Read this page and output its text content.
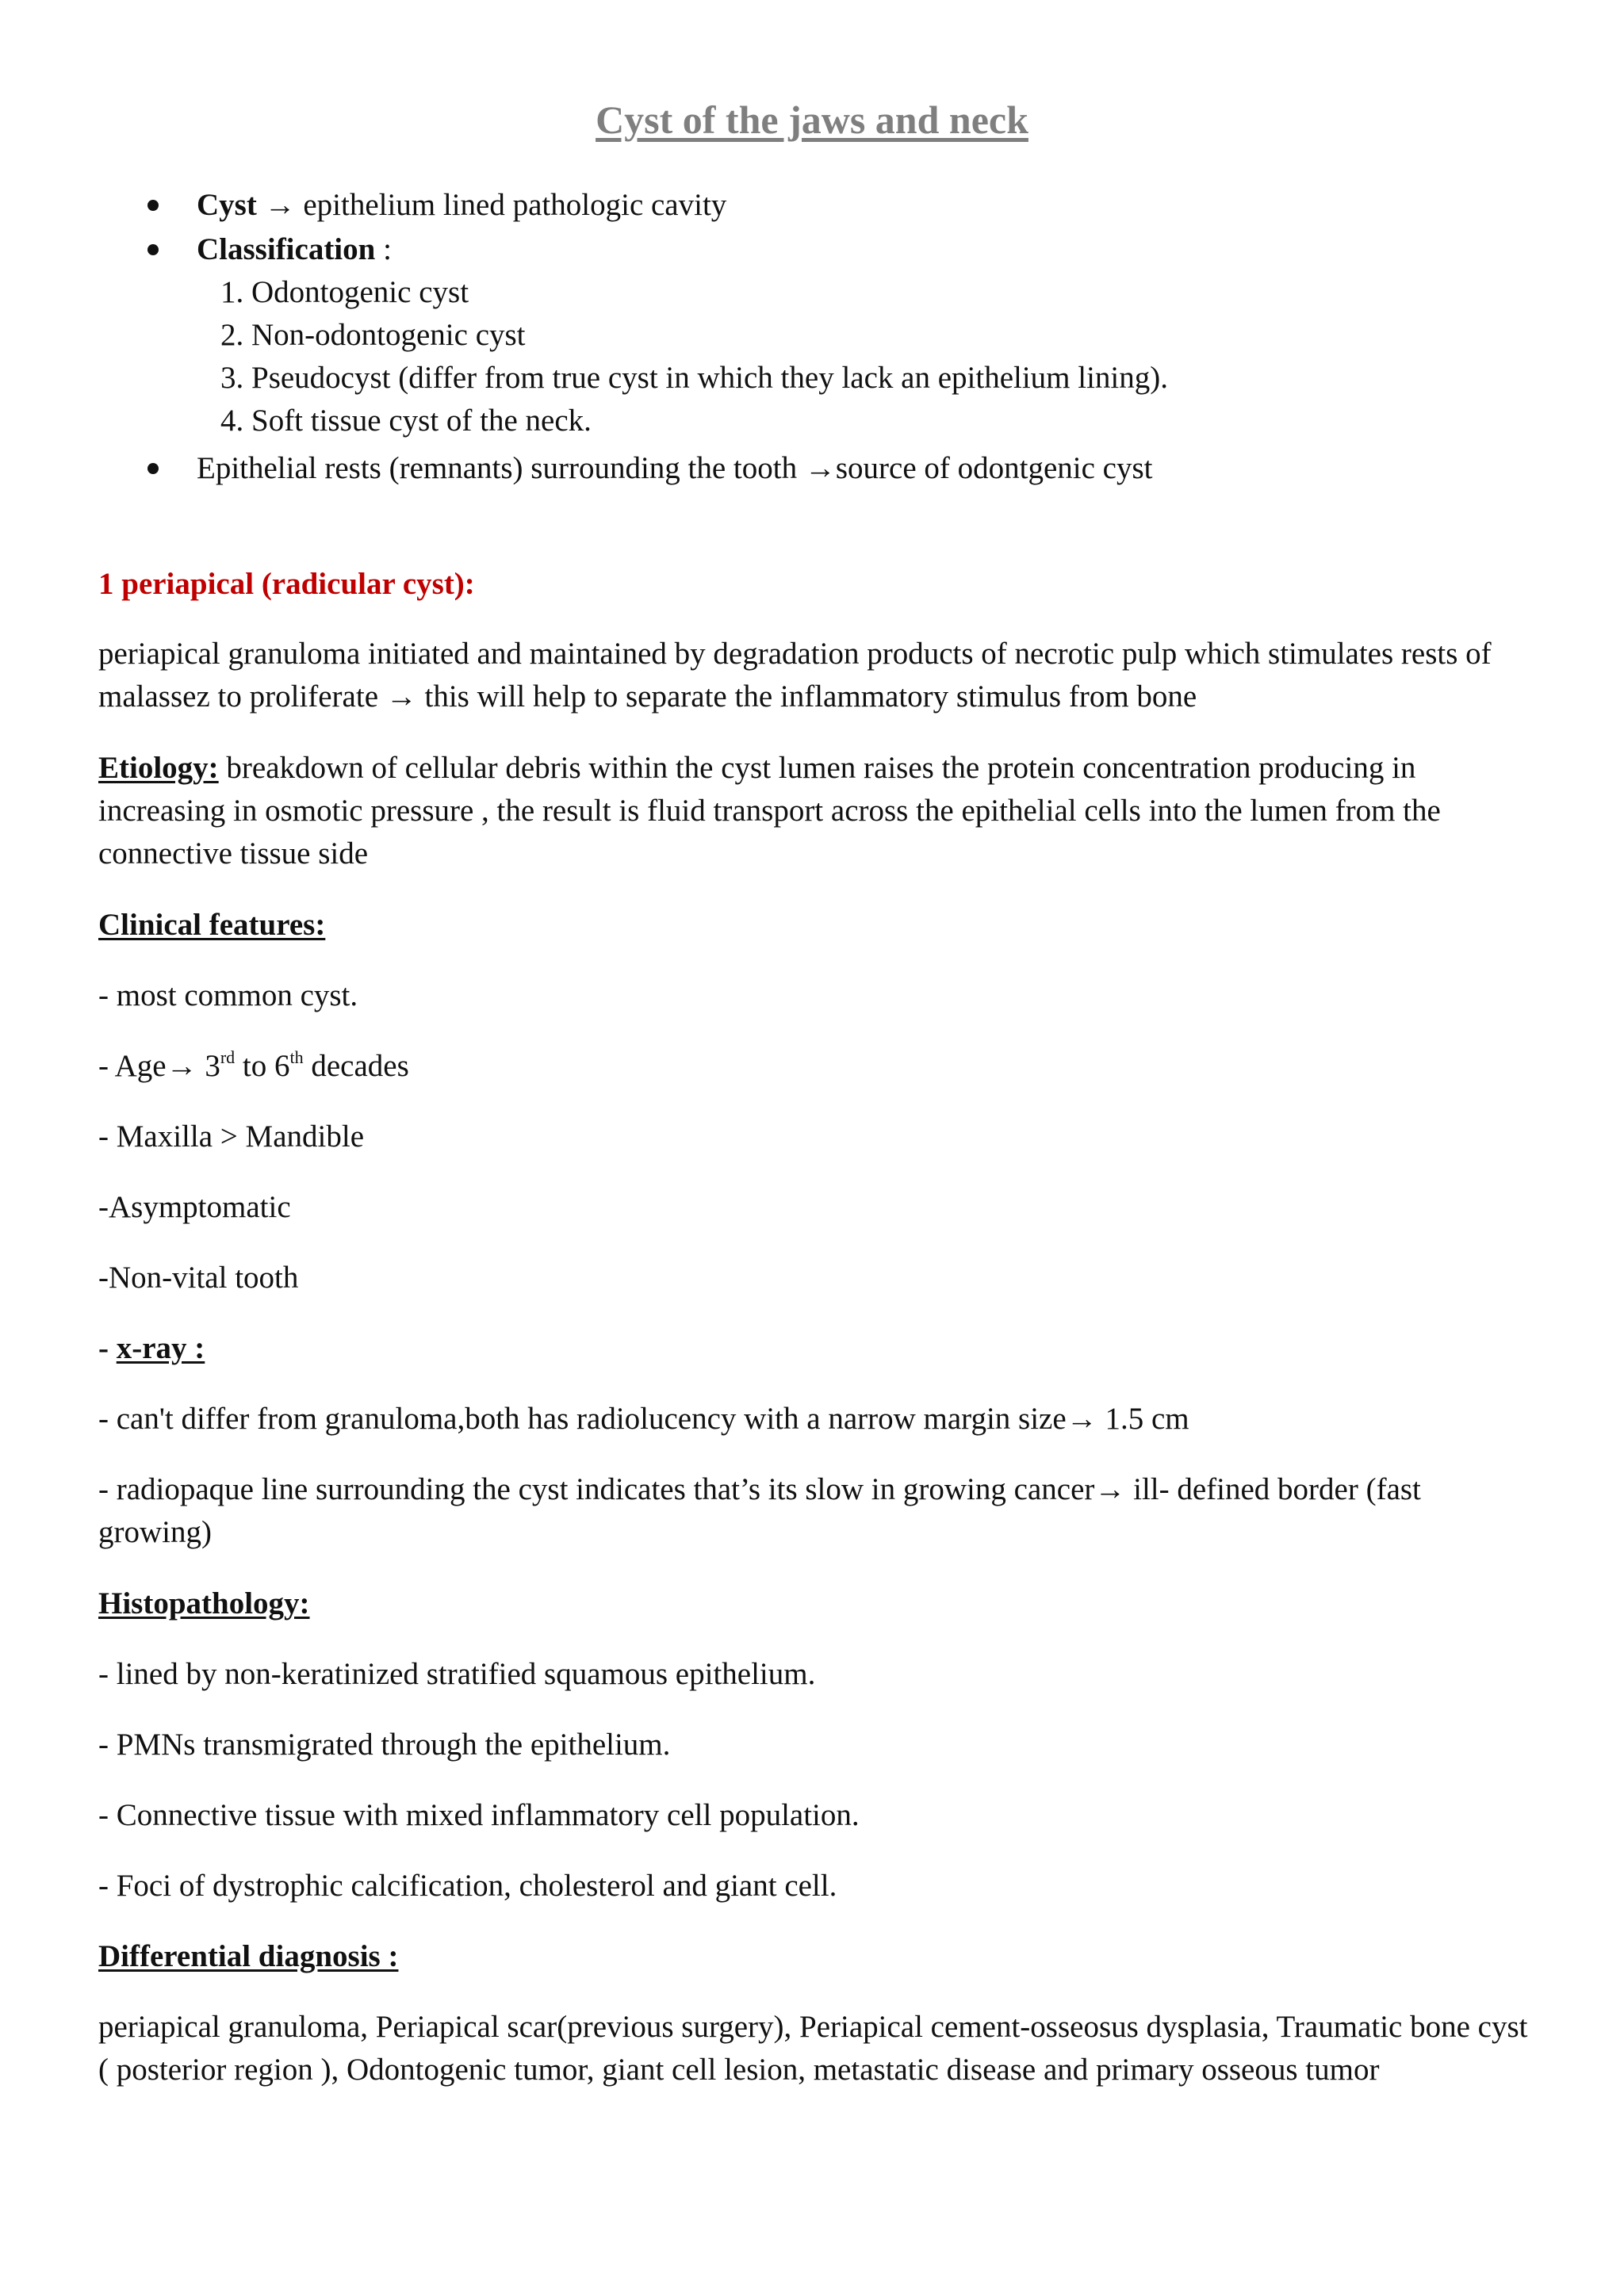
Cyst of the jaws and neck
Cyst → epithelium lined pathologic cavity
Classification :
1. Odontogenic cyst
2. Non-odontogenic cyst
3. Pseudocyst (differ from true cyst in which they lack an epithelium lining).
4. Soft tissue cyst of the neck.
Epithelial rests (remnants) surrounding the tooth →source of odontgenic cyst
1 periapical (radicular cyst):
periapical granuloma initiated and maintained by degradation products of necrotic pulp which stimulates rests of malassez to proliferate → this will help to separate the inflammatory stimulus from bone
Etiology: breakdown of cellular debris within the cyst lumen raises the protein concentration producing in increasing in osmotic pressure , the result is fluid transport across the epithelial cells into the lumen from the connective tissue side
Clinical features:
- most common cyst.
- Age→ 3rd to 6th decades
- Maxilla > Mandible
-Asymptomatic
-Non-vital tooth
- x-ray :
- can't differ from granuloma,both has radiolucency with a narrow margin size→ 1.5 cm
- radiopaque line surrounding the cyst indicates that’s its slow in growing cancer→ ill- defined border (fast growing)
Histopathology:
- lined by non-keratinized stratified squamous epithelium.
- PMNs transmigrated through the epithelium.
- Connective tissue with mixed inflammatory cell population.
- Foci of dystrophic calcification, cholesterol and giant cell.
Differential diagnosis :
periapical granuloma, Periapical scar(previous surgery), Periapical cement-osseosus dysplasia, Traumatic bone cyst ( posterior region ), Odontogenic tumor, giant cell lesion, metastatic disease and primary osseous tumor
